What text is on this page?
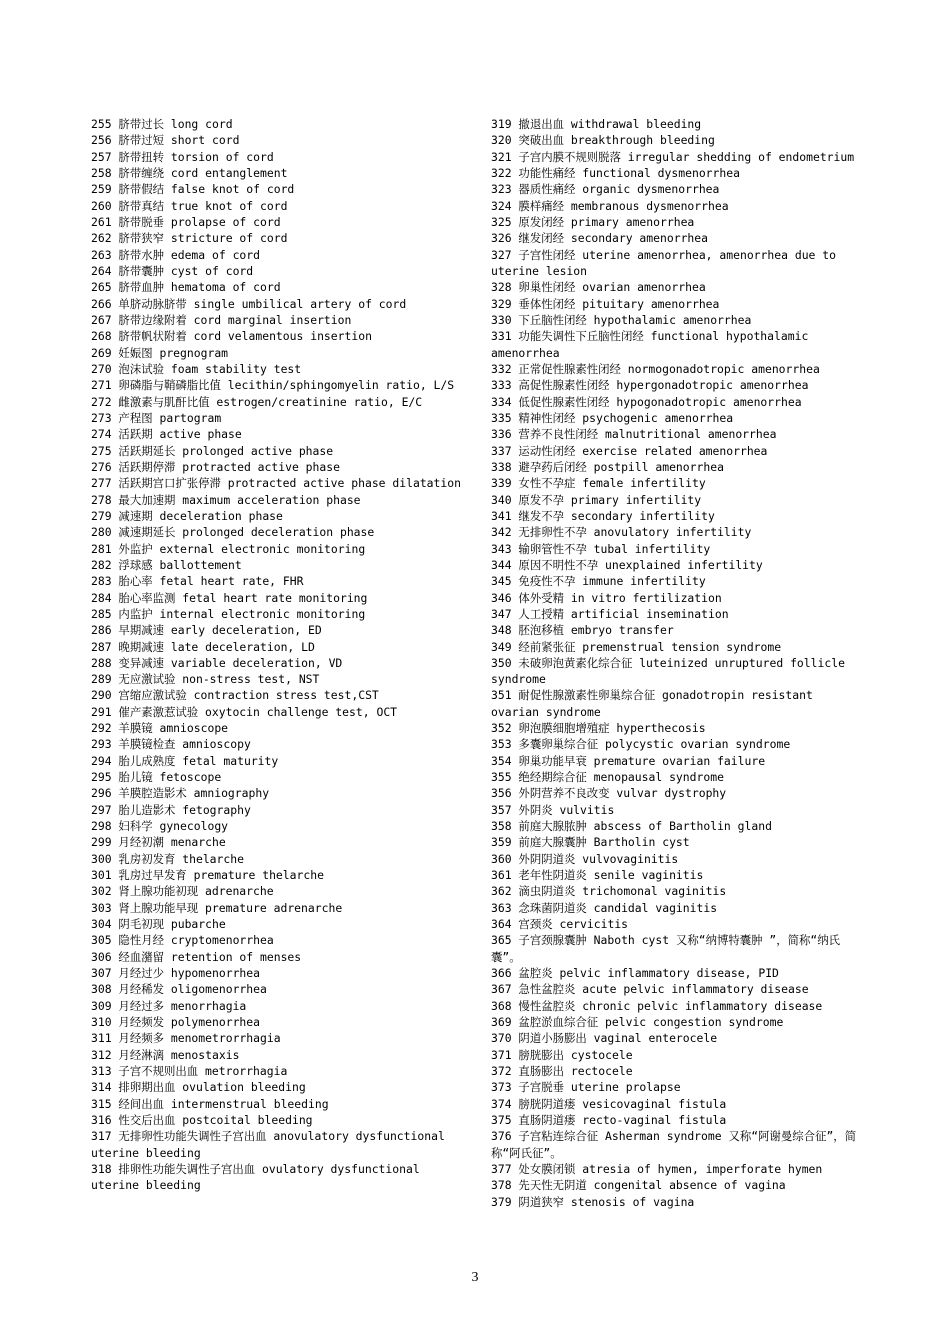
255 脐带过长 long cord
256 脐带过短 short cord
257 脐带扭转 torsion of cord
258 脐带缠绕 cord entanglement
259 脐带假结 false knot of cord
260 脐带真结 true knot of cord
261 脐带脱垂 prolapse of cord
262 脐带狭窄 stricture of cord
263 脐带水肿 edema of cord
264 脐带囊肿 cyst of cord
265 脐带血肿 hematoma of cord
266 单脐动脉脐带 single umbilical artery of cord
267 脐带边缘附着 cord marginal insertion
268 脐带帆状附着 cord velamentous insertion
269 妊娠图 pregnogram
270 泡沫试验 foam stability test
271 卵磷脂与鞘磷脂比值 lecithin/sphingomyelin ratio, L/S
272 雌激素与肌酐比值 estrogen/creatinine ratio, E/C
273 产程图 partogram
274 活跃期 active phase
275 活跃期延长 prolonged active phase
276 活跃期停滞 protracted active phase
277 活跃期宫口扩张停滞 protracted active phase dilatation
278 最大加速期 maximum acceleration phase
279 减速期 deceleration phase
280 减速期延长 prolonged deceleration phase
281 外监护 external electronic monitoring
282 浮球感 ballottement
283 胎心率 fetal heart rate, FHR
284 胎心率监测 fetal heart rate monitoring
285 内监护 internal electronic monitoring
286 早期减速 early deceleration, ED
287 晚期减速 late deceleration, LD
288 变异减速 variable deceleration, VD
289 无应激试验 non-stress test, NST
290 宫缩应激试验 contraction stress test,CST
291 催产素激惹试验 oxytocin challenge test, OCT
292 羊膜镜 amnioscope
293 羊膜镜检查 amnioscopy
294 胎儿成熟度 fetal maturity
295 胎儿镜 fetoscope
296 羊膜腔造影术 amniography
297 胎儿造影术 fetography
298 妇科学 gynecology
299 月经初潮 menarche
300 乳房初发育 thelarche
301 乳房过早发育 premature thelarche
302 肾上腺功能初现 adrenarche
303 肾上腺功能早现 premature adrenarche
304 阴毛初现 pubarche
305 隐性月经 cryptomenorrhea
306 经血潴留 retention of menses
307 月经过少 hypomenorrhea
308 月经稀发 oligomenorrhea
309 月经过多 menorrhagia
310 月经频发 polymenorrhea
311 月经频多 menometrorrhagia
312 月经淋漓 menostaxis
313 子宫不规则出血 metrorrhagia
314 排卵期出血 ovulation bleeding
315 经间出血 intermenstrual bleeding
316 性交后出血 postcoital bleeding
317 无排卵性功能失调性子宫出血 anovulatory dysfunctional uterine bleeding
318 排卵性功能失调性子宫出血 ovulatory dysfunctional uterine bleeding
319 撤退出血 withdrawal bleeding
320 突破出血 breakthrough bleeding
321 子宫内膜不规则脱落 irregular shedding of endometrium
322 功能性痛经 functional dysmenorrhea
323 器质性痛经 organic dysmenorrhea
324 膜样痛经 membranous dysmenorrhea
325 原发闭经 primary amenorrhea
326 继发闭经 secondary amenorrhea
327 子宫性闭经 uterine amenorrhea, amenorrhea due to uterine lesion
328 卵巢性闭经 ovarian amenorrhea
329 垂体性闭经 pituitary amenorrhea
330 下丘脑性闭经 hypothalamic amenorrhea
331 功能失调性下丘脑性闭经 functional hypothalamic amenorrhea
332 正常促性腺素性闭经 normogonadotropic amenorrhea
333 高促性腺素性闭经 hypergonadotropic amenorrhea
334 低促性腺素性闭经 hypogonadotropic amenorrhea
335 精神性闭经 psychogenic amenorrhea
336 营养不良性闭经 malnutritional amenorrhea
337 运动性闭经 exercise related amenorrhea
338 避孕药后闭经 postpill amenorrhea
339 女性不孕症 female infertility
340 原发不孕 primary infertility
341 继发不孕 secondary infertility
342 无排卵性不孕 anovulatory infertility
343 输卵管性不孕 tubal infertility
344 原因不明性不孕 unexplained infertility
345 免疫性不孕 immune infertility
346 体外受精 in vitro fertilization
347 人工授精 artificial insemination
348 胚泡移植 embryo transfer
349 经前紧张征 premenstrual tension syndrome
350 未破卵泡黄素化综合征 luteinized unruptured follicle syndrome
351 耐促性腺激素性卵巢综合征 gonadotropin resistant ovarian syndrome
352 卵泡膜细胞增殖症 hyperthecosis
353 多囊卵巢综合征 polycystic ovarian syndrome
354 卵巢功能早衰 premature ovarian failure
355 绝经期综合征 menopausal syndrome
356 外阴营养不良改变 vulvar dystrophy
357 外阴炎 vulvitis
358 前庭大腺脓肿 abscess of Bartholin gland
359 前庭大腺囊肿 Bartholin cyst
360 外阴阴道炎 vulvovaginitis
361 老年性阴道炎 senile vaginitis
362 滴虫阴道炎 trichomonal vaginitis
363 念珠菌阴道炎 candidal vaginitis
364 宫颈炎 cervicitis
365 子宫颈腺囊肿 Naboth cyst 又称“纳博特囊肿 ”，简称“纳氏囊”。
366 盆腔炎 pelvic inflammatory disease, PID
367 急性盆腔炎 acute pelvic inflammatory disease
368 慢性盆腔炎 chronic pelvic inflammatory disease
369 盆腔淤血综合征 pelvic congestion syndrome
370 阴道小肠膨出 vaginal enterocele
371 膀胱膨出 cystocele
372 直肠膨出 rectocele
373 子宫脱垂 uterine prolapse
374 膀胱阴道瘘 vesicovaginal fistula
375 直肠阴道瘘 recto-vaginal fistula
376 子宫粘连综合征 Asherman syndrome 又称“阿谢曼综合征”，简称“阿氏征”。
377 处女膜闭锁 atresia of hymen, imperforate hymen
378 先天性无阴道 congenital absence of vagina
379 阴道狭窄 stenosis of vagina
3
